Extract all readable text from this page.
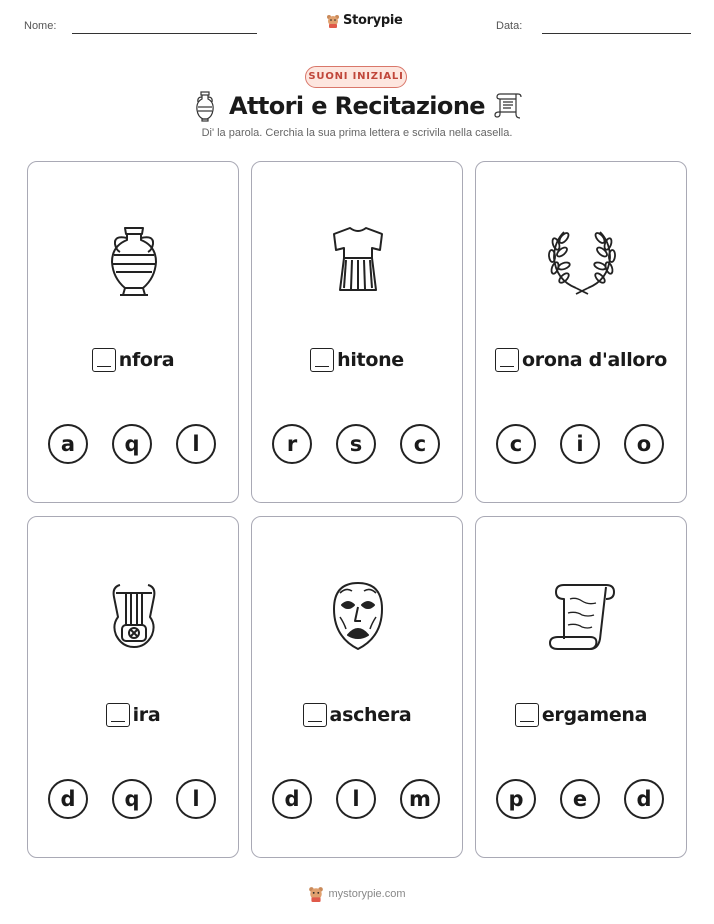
Nome:	Storypie	Data:
SUONI INIZIALI
Attori e Recitazione
Di' la parola. Cerchia la sua prima lettera e scrivila nella casella.
nfora
a	q	l
hitone
r	s	c
orona d'alloro
c	i	o
ira
d	q	l
aschera
d	l	m
ergamena
p	e	d
mystorypie.com
